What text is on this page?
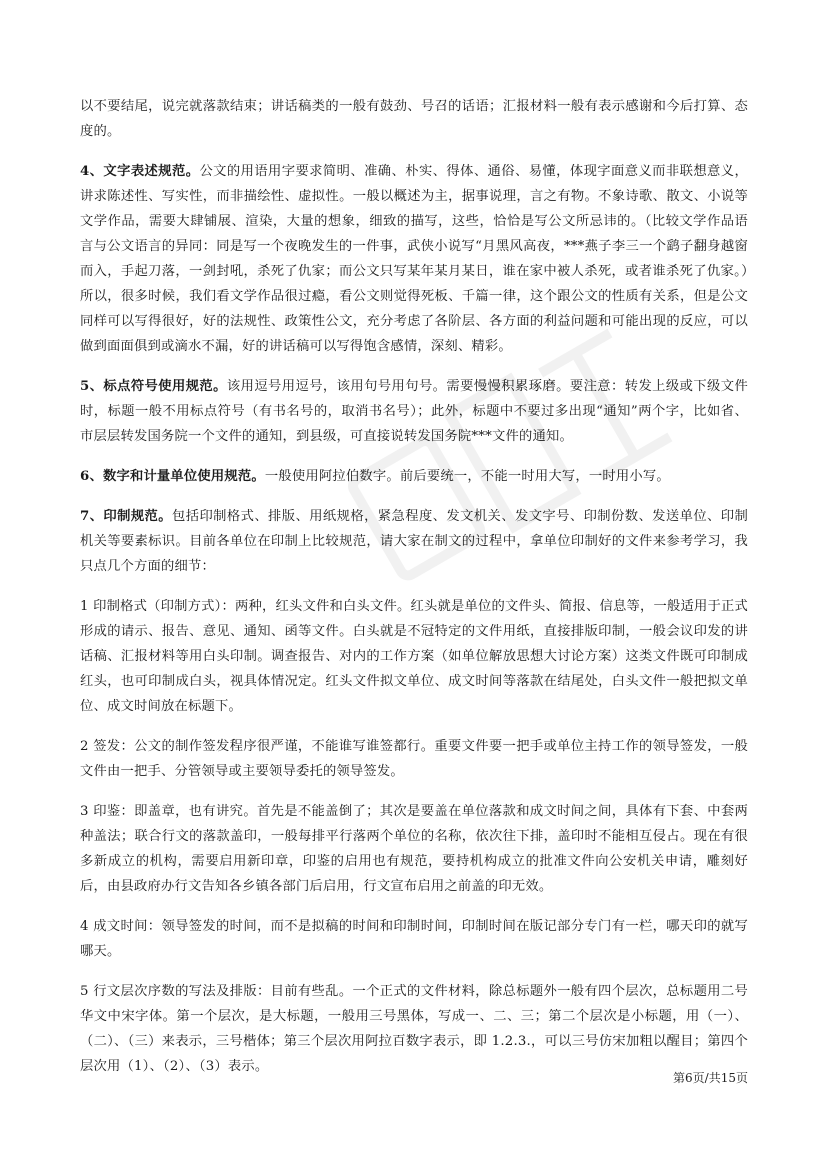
以不要结尾，说完就落款结束；讲话稿类的一般有鼓劲、号召的话语；汇报材料一般有表示感谢和今后打算、态度的。

4、文字表述规范。公文的用语用字要求简明、准确、朴实、得体、通俗、易懂，体现字面意义而非联想意义，讲求陈述性、写实性，而非描绘性、虚拟性。一般以概述为主，据事说理，言之有物。不象诗歌、散文、小说等文学作品，需要大肆铺展、渲染，大量的想象，细致的描写，这些，恰恰是写公文所忌讳的。（比较文学作品语言与公文语言的异同：同是写一个夜晚发生的一件事，武侠小说写“月黑风高夜，***燕子李三一个鹞子翻身越窗而入，手起刀落，一剑封吼，杀死了仇家；而公文只写某年某月某日，谁在家中被人杀死，或者谁杀死了仇家。）所以，很多时候，我们看文学作品很过瘾，看公文则觉得死板、千篇一律，这个跟公文的性质有关系，但是公文同样可以写得很好，好的法规性、政策性公文，充分考虑了各阶层、各方面的利益问题和可能出现的反应，可以做到面面俱到或滴水不漏，好的讲话稿可以写得饱含感情，深刻、精彩。

5、标点符号使用规范。该用逗号用逗号，该用句号用句号。需要慢慢积累琢磨。要注意：转发上级或下级文件时，标题一般不用标点符号（有书名号的，取消书名号）；此外，标题中不要过多出现“通知”两个字，比如省、市层层转发国务院一个文件的通知，到县级，可直接说转发国务院***文件的通知。

6、数字和计量单位使用规范。一般使用阿拉伯数字。前后要统一，不能一时用大写，一时用小写。

7、印制规范。包括印制格式、排版、用纸规格，紧急程度、发文机关、发文字号、印制份数、发送单位、印制机关等要素标识。目前各单位在印制上比较规范，请大家在制文的过程中，拿单位印制好的文件来参考学习，我只点几个方面的细节：

1 印制格式（印制方式）：两种，红头文件和白头文件。红头就是单位的文件头、简报、信息等，一般适用于正式形成的请示、报告、意见、通知、函等文件。白头就是不冠特定的文件用纸，直接排版印制，一般会议印发的讲话稿、汇报材料等用白头印制。调查报告、对内的工作方案（如单位解放思想大讨论方案）这类文件既可印制成红头，也可印制成白头，视具体情况定。红头文件拟文单位、成文时间等落款在结尾处，白头文件一般把拟文单位、成文时间放在标题下。

2 签发：公文的制作签发程序很严谨，不能谁写谁签都行。重要文件要一把手或单位主持工作的领导签发，一般文件由一把手、分管领导或主要领导委托的领导签发。

3 印鉴：即盖章，也有讲究。首先是不能盖倒了；其次是要盖在单位落款和成文时间之间，具体有下套、中套两种盖法；联合行文的落款盖印，一般每排平行落两个单位的名称，依次往下排，盖印时不能相互侵占。现在有很多新成立的机构，需要启用新印章，印鉴的启用也有规范，要持机构成立的批准文件向公安机关申请，雕刻好后，由县政府办行文告知各乡镇各部门后启用，行文宣布启用之前盖的印无效。

4 成文时间：领导签发的时间，而不是拟稿的时间和印制时间，印制时间在版记部分专门有一栏，哪天印的就写哪天。

5 行文层次序数的写法及排版：目前有些乱。一个正式的文件材料，除总标题外一般有四个层次，总标题用二号华文中宋字体。第一个层次，是大标题，一般用三号黑体，写成一、二、三；第二个层次是小标题，用（一）、（二）、（三）来表示，三号楷体；第三个层次用阿拉百数字表示，即 1.2.3.，可以三号仿宋加粗以醒目；第四个层次用（1）、（2）、（3）表示。

第6页/共15页
